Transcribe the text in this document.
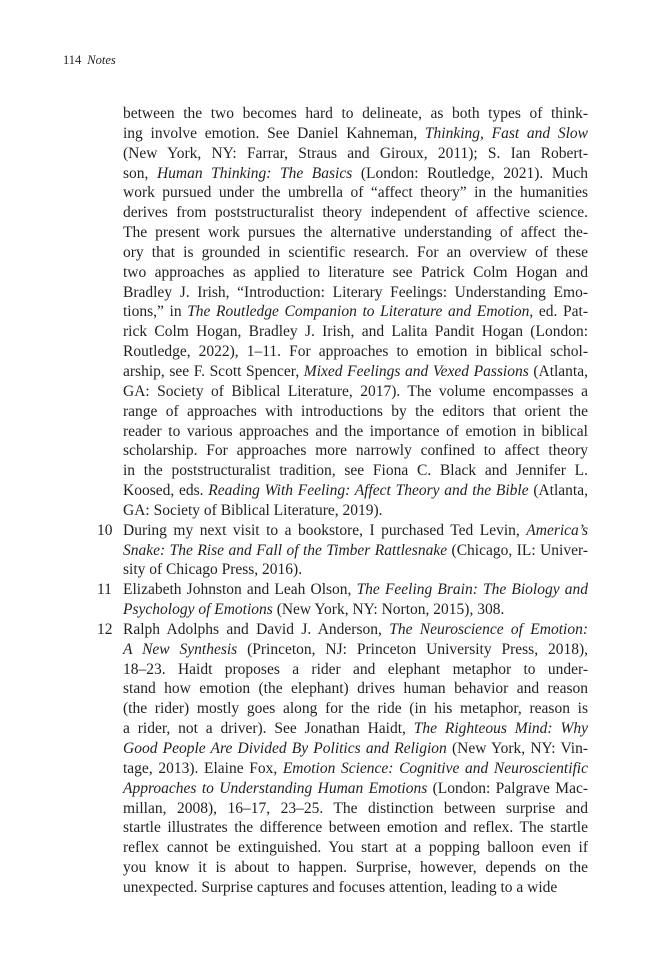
114 Notes
between the two becomes hard to delineate, as both types of think-
ing involve emotion. See Daniel Kahneman, Thinking, Fast and Slow
(New York, NY: Farrar, Straus and Giroux, 2011); S. Ian Robert-
son, Human Thinking: The Basics (London: Routledge, 2021). Much
work pursued under the umbrella of “affect theory” in the humanities
derives from poststructuralist theory independent of affective science.
The present work pursues the alternative understanding of affect the-
ory that is grounded in scientific research. For an overview of these
two approaches as applied to literature see Patrick Colm Hogan and
Bradley J. Irish, “Introduction: Literary Feelings: Understanding Emo-
tions,” in The Routledge Companion to Literature and Emotion, ed. Pat-
rick Colm Hogan, Bradley J. Irish, and Lalita Pandit Hogan (London:
Routledge, 2022), 1–11. For approaches to emotion in biblical schol-
arship, see F. Scott Spencer, Mixed Feelings and Vexed Passions (Atlanta,
GA: Society of Biblical Literature, 2017). The volume encompasses a
range of approaches with introductions by the editors that orient the
reader to various approaches and the importance of emotion in biblical
scholarship. For approaches more narrowly confined to affect theory
in the poststructuralist tradition, see Fiona C. Black and Jennifer L.
Koosed, eds. Reading With Feeling: Affect Theory and the Bible (Atlanta,
GA: Society of Biblical Literature, 2019).
10 During my next visit to a bookstore, I purchased Ted Levin, America’s
Snake: The Rise and Fall of the Timber Rattlesnake (Chicago, IL: Univer-
sity of Chicago Press, 2016).
11 Elizabeth Johnston and Leah Olson, The Feeling Brain: The Biology and
Psychology of Emotions (New York, NY: Norton, 2015), 308.
12 Ralph Adolphs and David J. Anderson, The Neuroscience of Emotion:
A New Synthesis (Princeton, NJ: Princeton University Press, 2018),
18–23. Haidt proposes a rider and elephant metaphor to under-
stand how emotion (the elephant) drives human behavior and reason
(the rider) mostly goes along for the ride (in his metaphor, reason is
a rider, not a driver). See Jonathan Haidt, The Righteous Mind: Why
Good People Are Divided By Politics and Religion (New York, NY: Vin-
tage, 2013). Elaine Fox, Emotion Science: Cognitive and Neuroscientific
Approaches to Understanding Human Emotions (London: Palgrave Mac-
millan, 2008), 16–17, 23–25. The distinction between surprise and
startle illustrates the difference between emotion and reflex. The startle
reflex cannot be extinguished. You start at a popping balloon even if
you know it is about to happen. Surprise, however, depends on the
unexpected. Surprise captures and focuses attention, leading to a wide
